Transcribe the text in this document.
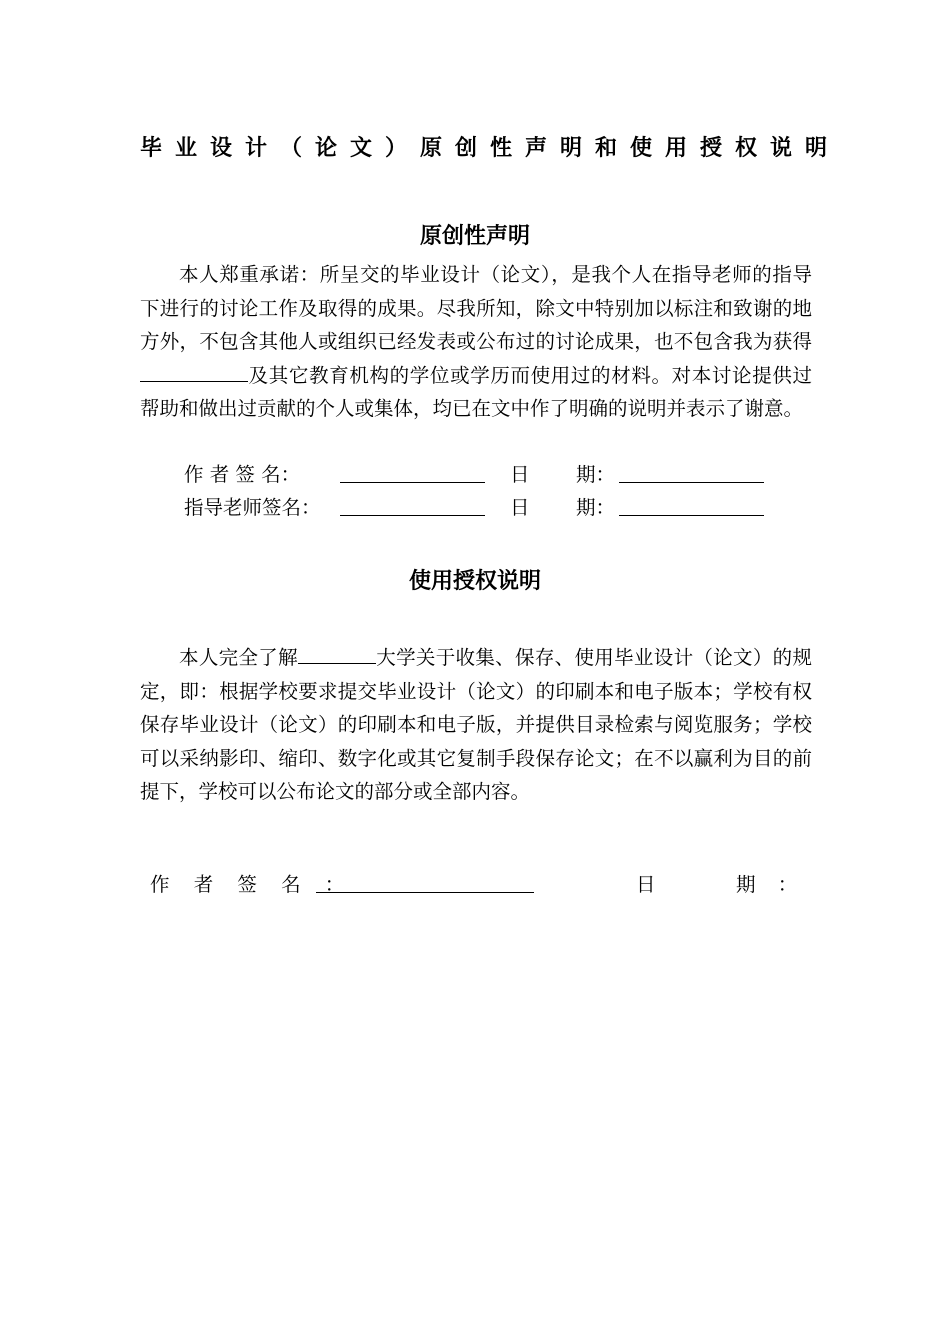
毕业设计（论文）原创性声明和使用授权说明
原创性声明

本人郑重承诺：所呈交的毕业设计（论文），是我个人在指导老师的指导下进行的讨论工作及取得的成果。尽我所知，除文中特别加以标注和致谢的地方外，不包含其他人或组织已经发表或公布过的讨论成果，也不包含我为获得及其它教育机构的学位或学历而使用过的材料。对本讨论提供过帮助和做出过贡献的个人或集体，均已在文中作了明确的说明并表示了谢意。

作 者 签 名：	日 期：
指导老师签名：	日 期：
使用授权说明

本人完全了解	大学关于收集、保存、使用毕业设计（论文）的规定，即：根据学校要求提交毕业设计（论文）的印刷本和电子版本；学校有权保存毕业设计（论文）的印刷本和电子版，并提供目录检索与阅览服务；学校可以采纳影印、缩印、数字化或其它复制手段保存论文；在不以赢利为目的前提下，学校可以公布论文的部分或全部内容。

作 者 签 名 ：	日	期 ：
